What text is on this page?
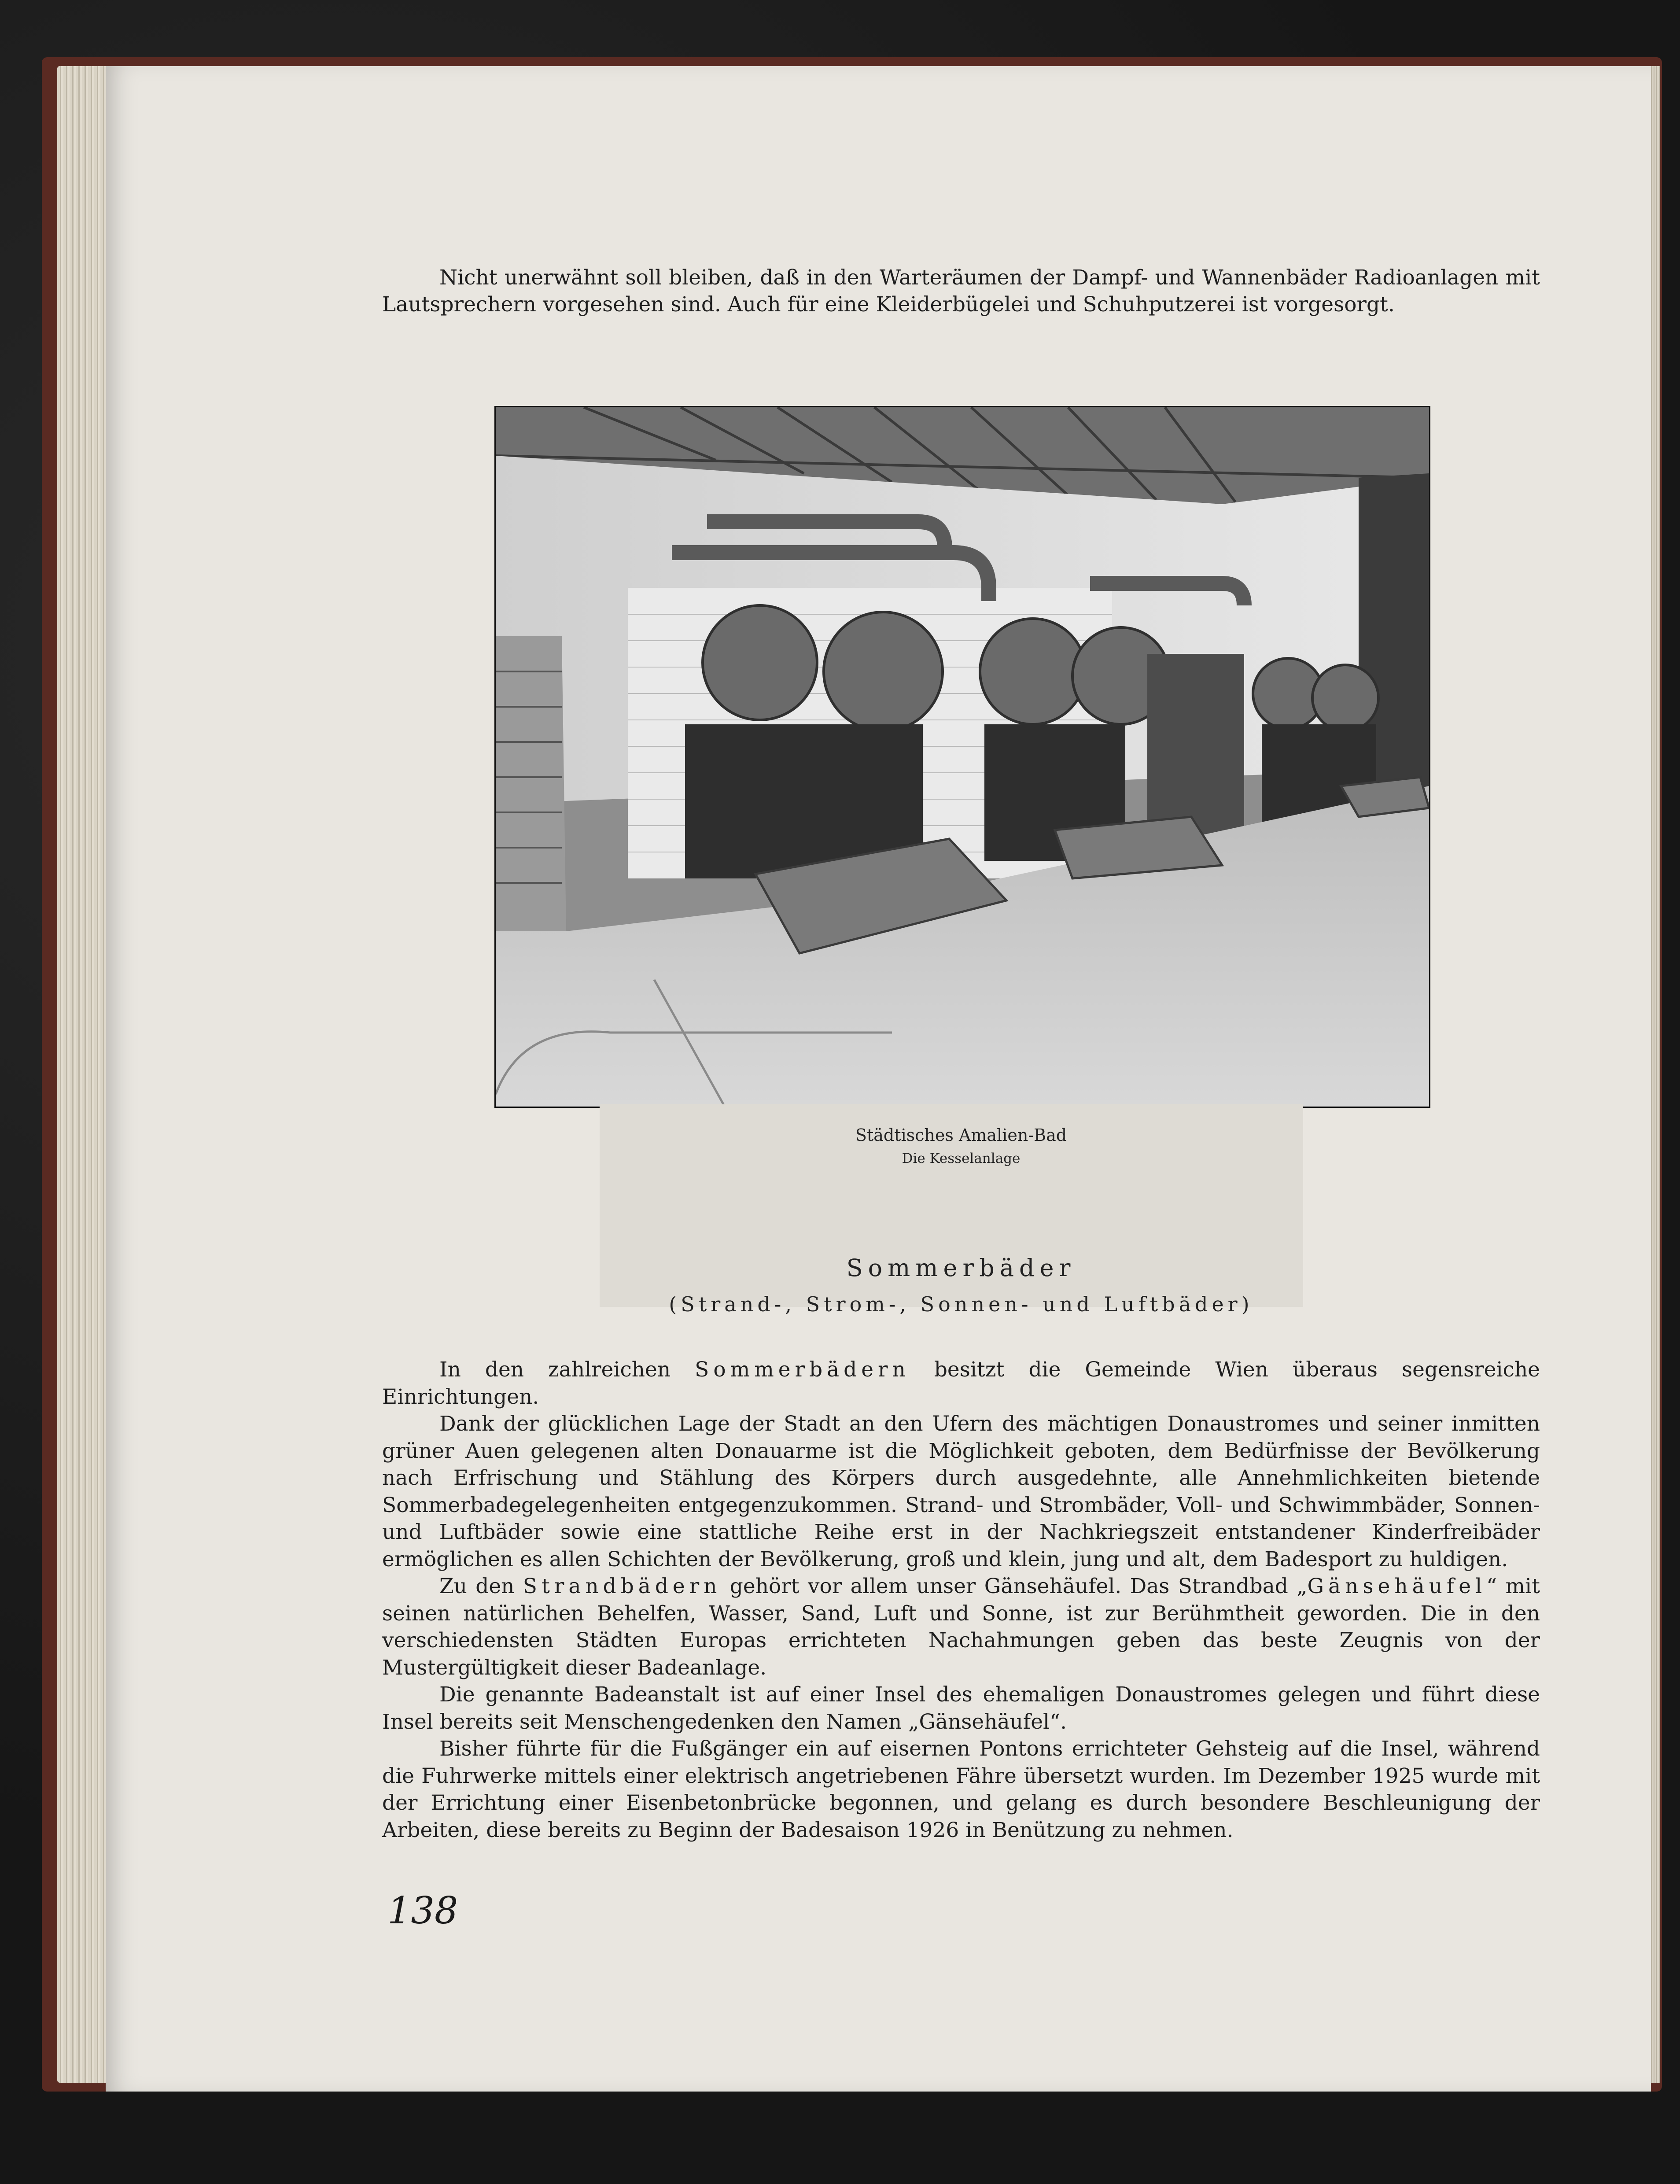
Nicht unerwähnt soll bleiben, daß in den Warteräumen der Dampf- und Wannenbäder Radioanlagen mit Lautsprechern vorgesehen sind. Auch für eine Kleiderbügelei und Schuhputzerei ist vorgesorgt.
Städtisches Amalien-Bad
Die Kesselanlage
Sommerbäder
(Strand-, Strom-, Sonnen- und Luftbäder)

In den zahlreichen Sommerbädern besitzt die Gemeinde Wien überaus segensreiche Einrichtungen.

Dank der glücklichen Lage der Stadt an den Ufern des mächtigen Donaustromes und seiner inmitten grüner Auen gelegenen alten Donauarme ist die Möglichkeit geboten, dem Bedürfnisse der Bevölkerung nach Erfrischung und Stählung des Körpers durch ausgedehnte, alle Annehmlichkeiten bietende Sommerbadegelegenheiten entgegenzukommen. Strand- und Strombäder, Voll- und Schwimmbäder, Sonnen- und Luftbäder sowie eine stattliche Reihe erst in der Nachkriegszeit entstandener Kinderfreibäder ermöglichen es allen Schichten der Bevölkerung, groß und klein, jung und alt, dem Badesport zu huldigen.

Zu den Strandbädern gehört vor allem unser Gänsehäufel. Das Strandbad „Gänsehäufel“ mit seinen natürlichen Behelfen, Wasser, Sand, Luft und Sonne, ist zur Berühmtheit geworden. Die in den verschiedensten Städten Europas errichteten Nachahmungen geben das beste Zeugnis von der Mustergültigkeit dieser Badeanlage.

Die genannte Badeanstalt ist auf einer Insel des ehemaligen Donaustromes gelegen und führt diese Insel bereits seit Menschengedenken den Namen „Gänsehäufel“.

Bisher führte für die Fußgänger ein auf eisernen Pontons errichteter Gehsteig auf die Insel, während die Fuhrwerke mittels einer elektrisch angetriebenen Fähre übersetzt wurden. Im Dezember 1925 wurde mit der Errichtung einer Eisenbetonbrücke begonnen, und gelang es durch besondere Beschleunigung der Arbeiten, diese bereits zu Beginn der Badesaison 1926 in Benützung zu nehmen.

138
